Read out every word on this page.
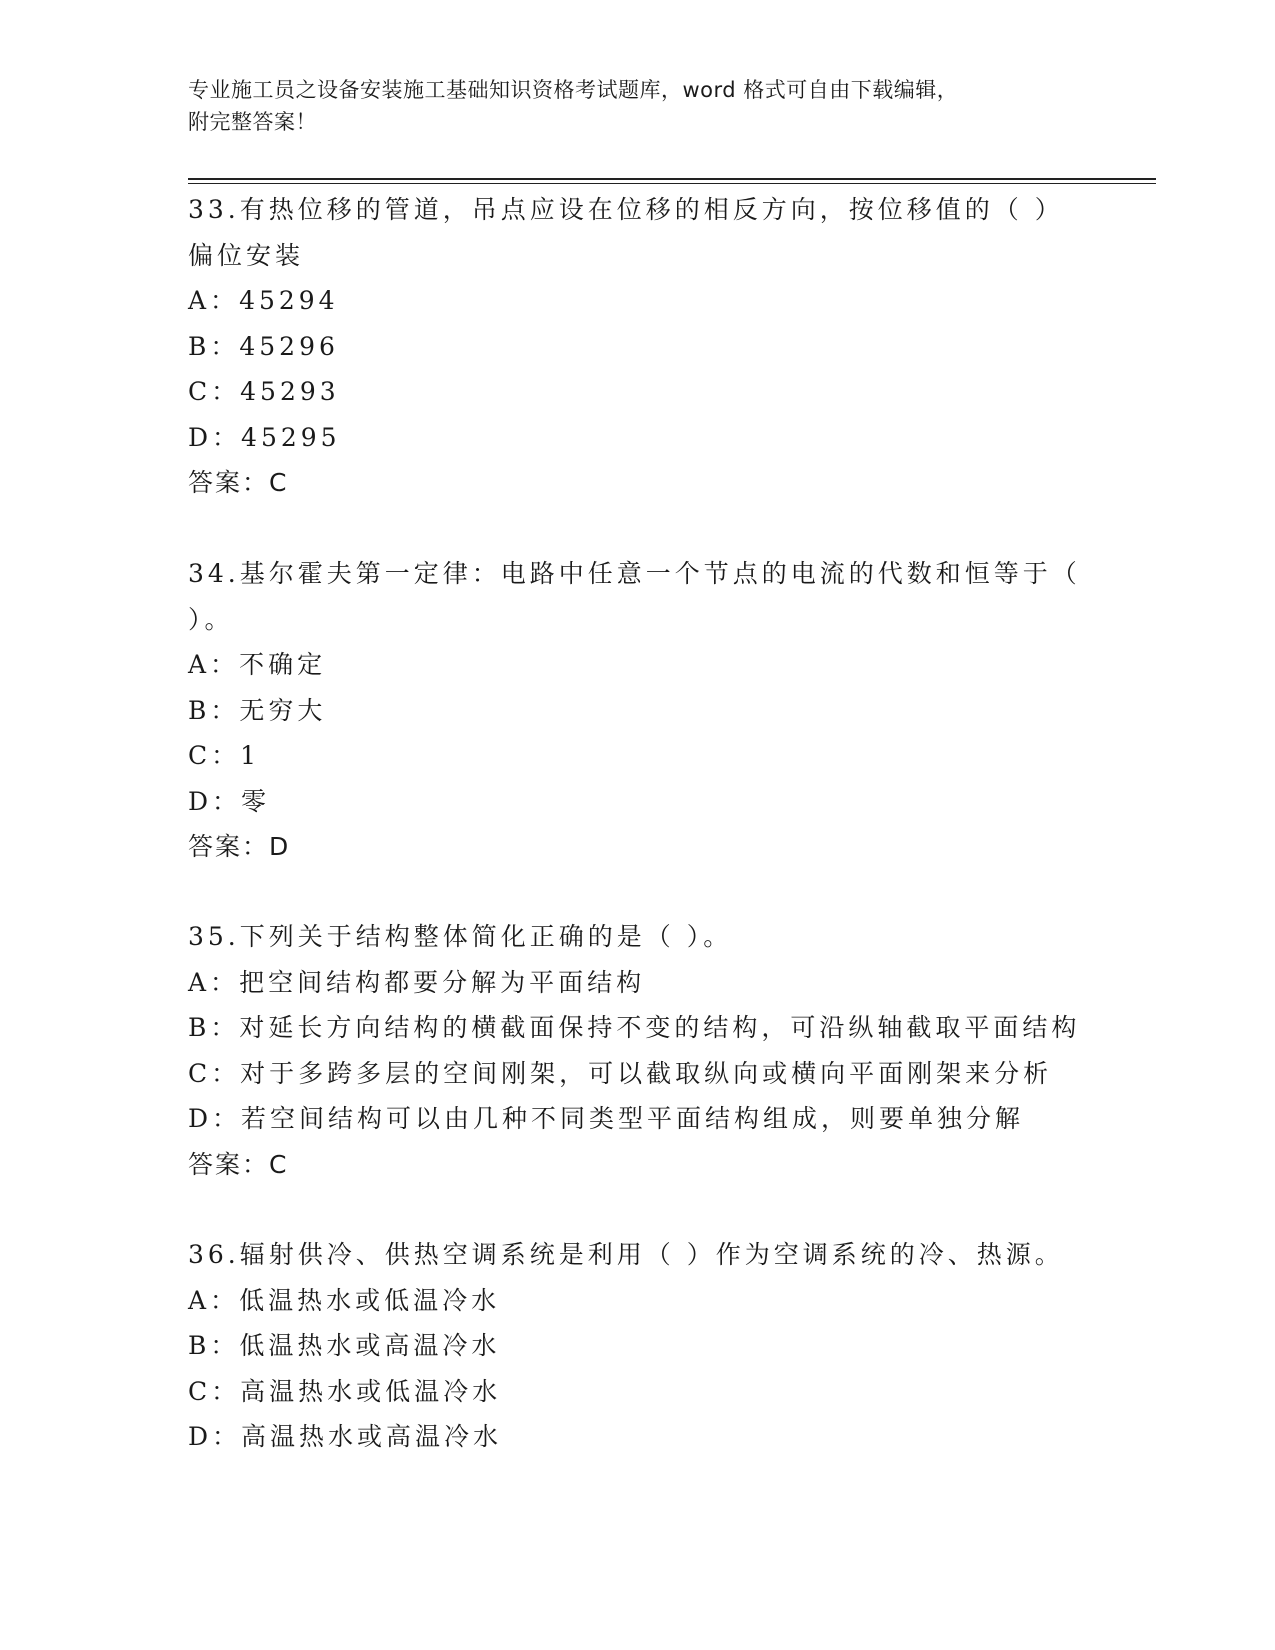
专业施工员之设备安装施工基础知识资格考试题库，word 格式可自由下载编辑，
附完整答案！
33.有热位移的管道，吊点应设在位移的相反方向，按位移值的（ ）
偏位安装
A：45294
B：45296
C：45293
D：45295
答案：C
34.基尔霍夫第一定律：电路中任意一个节点的电流的代数和恒等于（
）。
A：不确定
B：无穷大
C：1
D：零
答案：D
35.下列关于结构整体简化正确的是（ ）。
A：把空间结构都要分解为平面结构
B：对延长方向结构的横截面保持不变的结构，可沿纵轴截取平面结构
C：对于多跨多层的空间刚架，可以截取纵向或横向平面刚架来分析
D：若空间结构可以由几种不同类型平面结构组成，则要单独分解
答案：C
36.辐射供冷、供热空调系统是利用（ ）作为空调系统的冷、热源。
A：低温热水或低温冷水
B：低温热水或高温冷水
C：高温热水或低温冷水
D：高温热水或高温冷水
